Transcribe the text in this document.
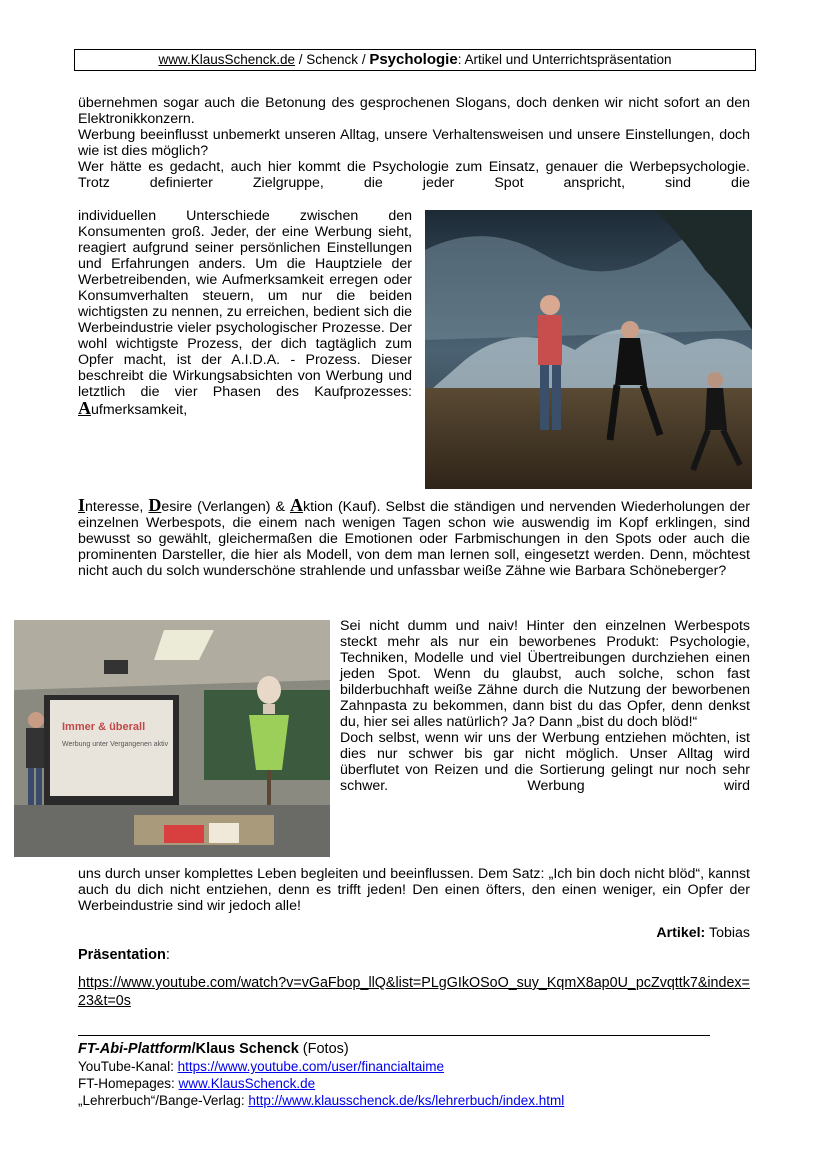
www.KlausSchenck.de / Schenck / Psychologie: Artikel und Unterrichtspräsentation

übernehmen sogar auch die Betonung des gesprochenen Slogans, doch denken wir nicht sofort an den Elektronikkonzern.

Werbung beeinflusst unbemerkt unseren Alltag, unsere Verhaltensweisen und unsere Einstellungen, doch wie ist dies möglich?

Wer hätte es gedacht, auch hier kommt die Psychologie zum Einsatz, genauer die Werbepsychologie. Trotz definierter Zielgruppe, die jeder Spot anspricht, sind die

individuellen Unterschiede zwischen den Konsumenten groß. Jeder, der eine Werbung sieht, reagiert aufgrund seiner persönlichen Einstellungen und Erfahrungen anders. Um die Hauptziele der Werbetreibenden, wie Aufmerksamkeit erregen oder Konsumverhalten steuern, um nur die beiden wichtigsten zu nennen, zu erreichen, bedient sich die Werbeindustrie vieler psychologischer Prozesse. Der wohl wichtigste Prozess, der dich tagtäglich zum Opfer macht, ist der A.I.D.A. - Prozess. Dieser beschreibt die Wirkungsabsichten von Werbung und letztlich die vier Phasen des Kaufprozesses: Aufmerksamkeit,
Interesse, Desire (Verlangen) & Aktion (Kauf). Selbst die ständigen und nervenden Wiederholungen der einzelnen Werbespots, die einem nach wenigen Tagen schon wie auswendig im Kopf erklingen, sind bewusst so gewählt, gleichermaßen die Emotionen oder Farbmischungen in den Spots oder auch die prominenten Darsteller, die hier als Modell, von dem man lernen soll, eingesetzt werden. Denn, möchtest nicht auch du solch wunderschöne strahlende und unfassbar weiße Zähne wie Barbara Schöneberger?
Immer & überall
Werbung unter Vergangenen aktiv

Sei nicht dumm und naiv! Hinter den einzelnen Werbespots steckt mehr als nur ein beworbenes Produkt: Psychologie, Techniken, Modelle und viel Übertreibungen durchziehen einen jeden Spot. Wenn du glaubst, auch solche, schon fast bilderbuchhaft weiße Zähne durch die Nutzung der beworbenen Zahnpasta zu bekommen, dann bist du das Opfer, denn denkst du, hier sei alles natürlich? Ja? Dann „bist du doch blöd!“

Doch selbst, wenn wir uns der Werbung entziehen möchten, ist dies nur schwer bis gar nicht möglich. Unser Alltag wird überflutet von Reizen und die Sortierung gelingt nur noch sehr schwer. Werbung wird

uns durch unser komplettes Leben begleiten und beeinflussen. Dem Satz: „Ich bin doch nicht blöd“, kannst auch du dich nicht entziehen, denn es trifft jeden! Den einen öfters, den einen weniger, ein Opfer der Werbeindustrie sind wir jedoch alle!

Artikel: Tobias
Präsentation:
https://www.youtube.com/watch?v=vGaFbop_llQ&list=PLgGIkOSoO_suy_KqmX8ap0U_pcZvqttk7&index=23&t=0s
FT-Abi-Plattform/Klaus Schenck (Fotos)
YouTube-Kanal: https://www.youtube.com/user/financialtaime
FT-Homepages: www.KlausSchenck.de
„Lehrerbuch“/Bange-Verlag: http://www.klausschenck.de/ks/lehrerbuch/index.html
